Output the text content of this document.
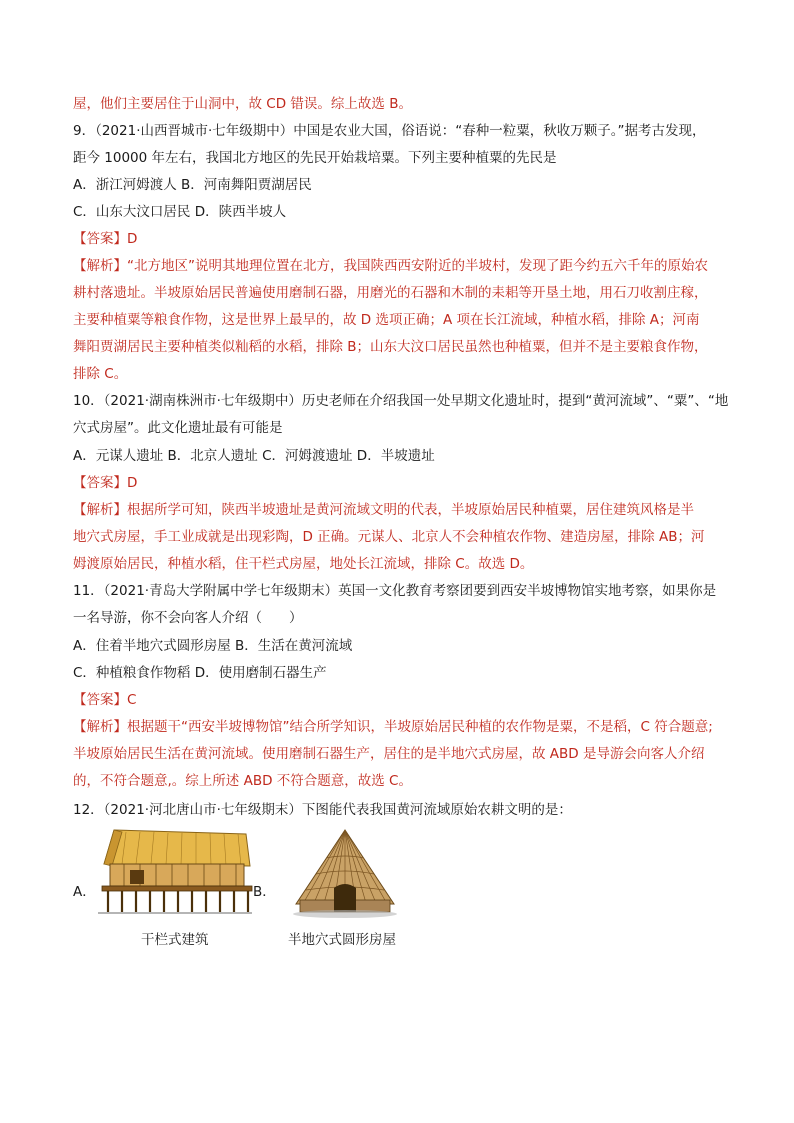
屋，他们主要居住于山洞中，故 CD 错误。综上故选 B。
9．（2021·山西晋城市·七年级期中）中国是农业大国，俗语说：“春种一粒粟，秋收万颗子。”据考古发现，
距今 10000 年左右，我国北方地区的先民开始栽培粟。下列主要种植粟的先民是
A．浙江河姆渡人 B．河南舞阳贾湖居民
C．山东大汶口居民 D．陕西半坡人
【答案】D
【解析】“北方地区”说明其地理位置在北方，我国陕西西安附近的半坡村，发现了距今约五六千年的原始农
耕村落遗址。半坡原始居民普遍使用磨制石器，用磨光的石器和木制的耒耜等开垦土地，用石刀收割庄稼，
主要种植粟等粮食作物，这是世界上最早的，故 D 选项正确；A 项在长江流域，种植水稻，排除 A；河南
舞阳贾湖居民主要种植类似籼稻的水稻，排除 B；山东大汶口居民虽然也种植粟，但并不是主要粮食作物，
排除 C。
10．（2021·湖南株洲市·七年级期中）历史老师在介绍我国一处早期文化遗址时，提到“黄河流域”、“粟”、“地
穴式房屋”。此文化遗址最有可能是
A．元谋人遗址 B．北京人遗址 C．河姆渡遗址 D．半坡遗址
【答案】D
【解析】根据所学可知，陕西半坡遗址是黄河流域文明的代表，半坡原始居民种植粟，居住建筑风格是半
地穴式房屋，手工业成就是出现彩陶，D 正确。元谋人、北京人不会种植农作物、建造房屋，排除 AB；河
姆渡原始居民，种植水稻，住干栏式房屋，地处长江流域，排除 C。故选 D。
11．（2021·青岛大学附属中学七年级期末）英国一文化教育考察团要到西安半坡博物馆实地考察，如果你是
一名导游，你不会向客人介绍（　　）
A．住着半地穴式圆形房屋 B．生活在黄河流域
C．种植粮食作物稻 D．使用磨制石器生产
【答案】C
【解析】根据题干“西安半坡博物馆”结合所学知识，半坡原始居民种植的农作物是粟，不是稻，C 符合题意;
半坡原始居民生活在黄河流域。使用磨制石器生产，居住的是半地穴式房屋，故 ABD 是导游会向客人介绍
的，不符合题意,。综上所述 ABD 不符合题意，故选 C。
12．（2021·河北唐山市·七年级期末）下图能代表我国黄河流域原始农耕文明的是：
A．	B．
干栏式建筑	半地穴式圆形房屋
